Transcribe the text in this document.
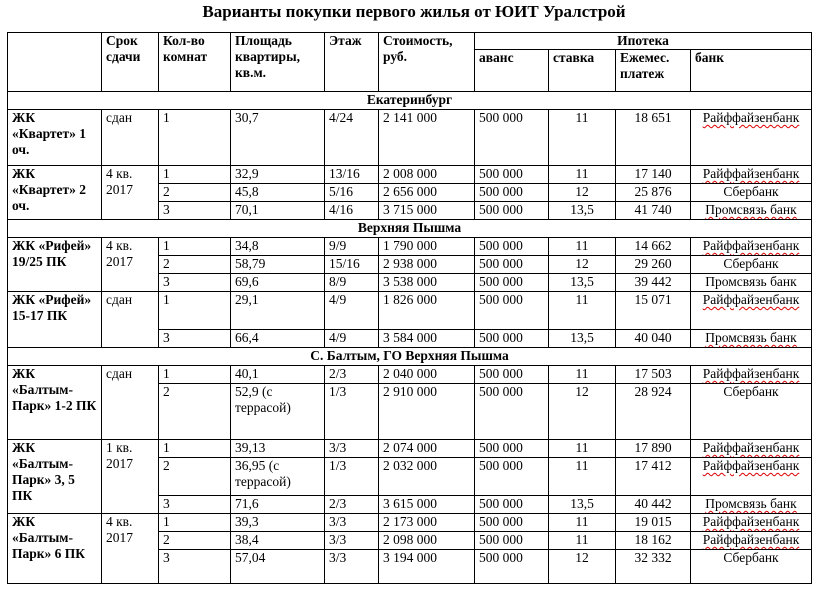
Варианты покупки первого жилья от ЮИТ Уралстрой
	Срок сдачи	Кол-во комнат	Площадь квартиры, кв.м.	Этаж	Стоимость, руб.	Ипотека			
						аванс	ставка	Ежемес. платеж	банк
Екатеринбург									
ЖК «Квартет» 1 оч.	сдан	1	30,7	4/24	2 141 000	500 000	11	18 651	Райффайзенбанк
ЖК «Квартет» 2 оч.	4 кв. 2017	1	32,9	13/16	2 008 000	500 000	11	17 140	Райффайзенбанк
		2	45,8	5/16	2 656 000	500 000	12	25 876	Сбербанк
		3	70,1	4/16	3 715 000	500 000	13,5	41 740	Промсвязь банк
Верхняя Пышма									
ЖК «Рифей» 19/25 ПК	4 кв. 2017	1	34,8	9/9	1 790 000	500 000	11	14 662	Райффайзенбанк
		2	58,79	15/16	2 938 000	500 000	12	29 260	Сбербанк
		3	69,6	8/9	3 538 000	500 000	13,5	39 442	Промсвязь банк
ЖК «Рифей» 15-17 ПК	сдан	1	29,1	4/9	1 826 000	500 000	11	15 071	Райффайзенбанк
		3	66,4	4/9	3 584 000	500 000	13,5	40 040	Промсвязь банк
С. Балтым, ГО Верхняя Пышма									
ЖК «Балтым-Парк» 1-2 ПК	сдан	1	40,1	2/3	2 040 000	500 000	11	17 503	Райффайзенбанк
		2	52,9 (с террасой)	1/3	2 910 000	500 000	12	28 924	Сбербанк
ЖК «Балтым-Парк» 3, 5 ПК	1 кв. 2017	1	39,13	3/3	2 074 000	500 000	11	17 890	Райффайзенбанк
		2	36,95 (с террасой)	1/3	2 032 000	500 000	11	17 412	Райффайзенбанк
		3	71,6	2/3	3 615 000	500 000	13,5	40 442	Промсвязь банк
ЖК «Балтым-Парк» 6 ПК	4 кв. 2017	1	39,3	3/3	2 173 000	500 000	11	19 015	Райффайзенбанк
		2	38,4	3/3	2 098 000	500 000	11	18 162	Райффайзенбанк
		3	57,04	3/3	3 194 000	500 000	12	32 332	Сбербанк
